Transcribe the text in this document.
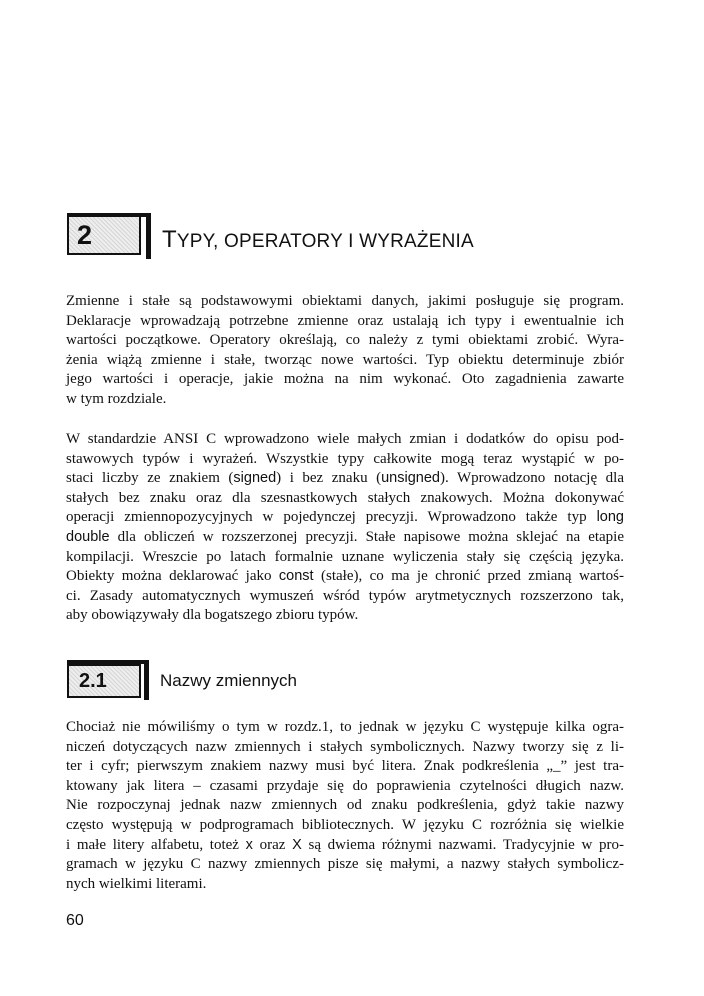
2	TYPY, OPERATORY I WYRAŻENIA
Zmienne i stałe są podstawowymi obiektami danych, jakimi posługuje się program.
Deklaracje wprowadzają potrzebne zmienne oraz ustalają ich typy i ewentualnie ich
wartości początkowe. Operatory określają, co należy z tymi obiektami zrobić. Wyra-
żenia wiążą zmienne i stałe, tworząc nowe wartości. Typ obiektu determinuje zbiór
jego wartości i operacje, jakie można na nim wykonać. Oto zagadnienia zawarte
w tym rozdziale.
W standardzie ANSI C wprowadzono wiele małych zmian i dodatków do opisu pod-
stawowych typów i wyrażeń. Wszystkie typy całkowite mogą teraz wystąpić w po-
staci liczby ze znakiem (signed) i bez znaku (unsigned). Wprowadzono notację dla
stałych bez znaku oraz dla szesnastkowych stałych znakowych. Można dokonywać
operacji zmiennopozycyjnych w pojedynczej precyzji. Wprowadzono także typ long
double dla obliczeń w rozszerzonej precyzji. Stałe napisowe można sklejać na etapie
kompilacji. Wreszcie po latach formalnie uznane wyliczenia stały się częścią języka.
Obiekty można deklarować jako const (stałe), co ma je chronić przed zmianą wartoś-
ci. Zasady automatycznych wymuszeń wśród typów arytmetycznych rozszerzono tak,
aby obowiązywały dla bogatszego zbioru typów.
2.1	Nazwy zmiennych
Chociaż nie mówiliśmy o tym w rozdz.1, to jednak w języku C występuje kilka ogra-
niczeń dotyczących nazw zmiennych i stałych symbolicznych. Nazwy tworzy się z li-
ter i cyfr; pierwszym znakiem nazwy musi być litera. Znak podkreślenia „_” jest tra-
ktowany jak litera – czasami przydaje się do poprawienia czytelności długich nazw.
Nie rozpoczynaj jednak nazw zmiennych od znaku podkreślenia, gdyż takie nazwy
często występują w podprogramach bibliotecznych. W języku C rozróżnia się wielkie
i małe litery alfabetu, toteż x oraz X są dwiema różnymi nazwami. Tradycyjnie w pro-
gramach w języku C nazwy zmiennych pisze się małymi, a nazwy stałych symbolicz-
nych wielkimi literami.
60
